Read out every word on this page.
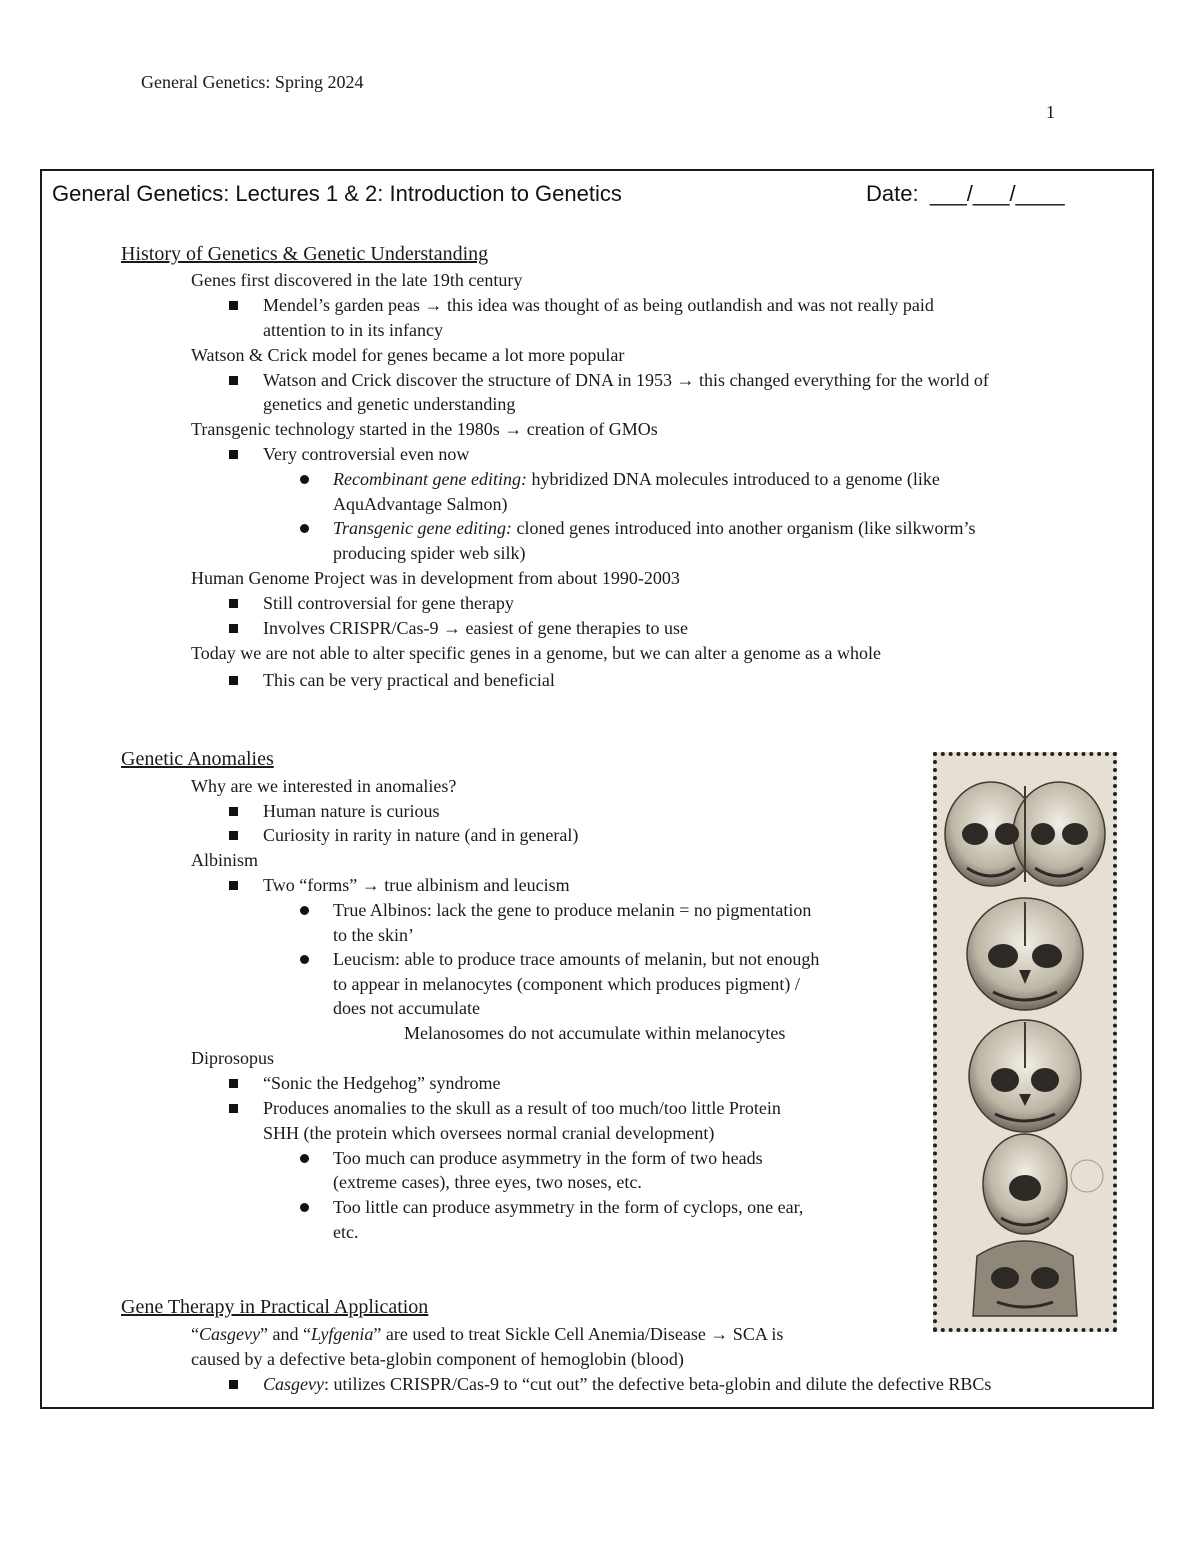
General Genetics: Spring 2024
1
General Genetics: Lectures 1 & 2: Introduction to Genetics	Date: ___/___/____
History of Genetics & Genetic Understanding
Genes first discovered in the late 19th century
Mendel’s garden peas → this idea was thought of as being outlandish and was not really paid
attention to in its infancy
Watson & Crick model for genes became a lot more popular
Watson and Crick discover the structure of DNA in 1953 → this changed everything for the world of
genetics and genetic understanding
Transgenic technology started in the 1980s → creation of GMOs
Very controversial even now
Recombinant gene editing: hybridized DNA molecules introduced to a genome (like
AquAdvantage Salmon)
Transgenic gene editing: cloned genes introduced into another organism (like silkworm’s
producing spider web silk)
Human Genome Project was in development from about 1990-2003
Still controversial for gene therapy
Involves CRISPR/Cas-9 → easiest of gene therapies to use
Today we are not able to alter specific genes in a genome, but we can alter a genome as a whole
This can be very practical and beneficial
Genetic Anomalies
Why are we interested in anomalies?
Human nature is curious
Curiosity in rarity in nature (and in general)
Albinism
Two “forms” → true albinism and leucism
True Albinos: lack the gene to produce melanin = no pigmentation
to the skin’
Leucism: able to produce trace amounts of melanin, but not enough
to appear in melanocytes (component which produces pigment) /
does not accumulate
Melanosomes do not accumulate within melanocytes
Diprosopus
“Sonic the Hedgehog” syndrome
Produces anomalies to the skull as a result of too much/too little Protein
SHH (the protein which oversees normal cranial development)
Too much can produce asymmetry in the form of two heads
(extreme cases), three eyes, two noses, etc.
Too little can produce asymmetry in the form of cyclops, one ear,
etc.
Gene Therapy in Practical Application
“Casgevy” and “Lyfgenia” are used to treat Sickle Cell Anemia/Disease → SCA is
caused by a defective beta-globin component of hemoglobin (blood)
Casgevy: utilizes CRISPR/Cas-9 to “cut out” the defective beta-globin and dilute the defective RBCs
